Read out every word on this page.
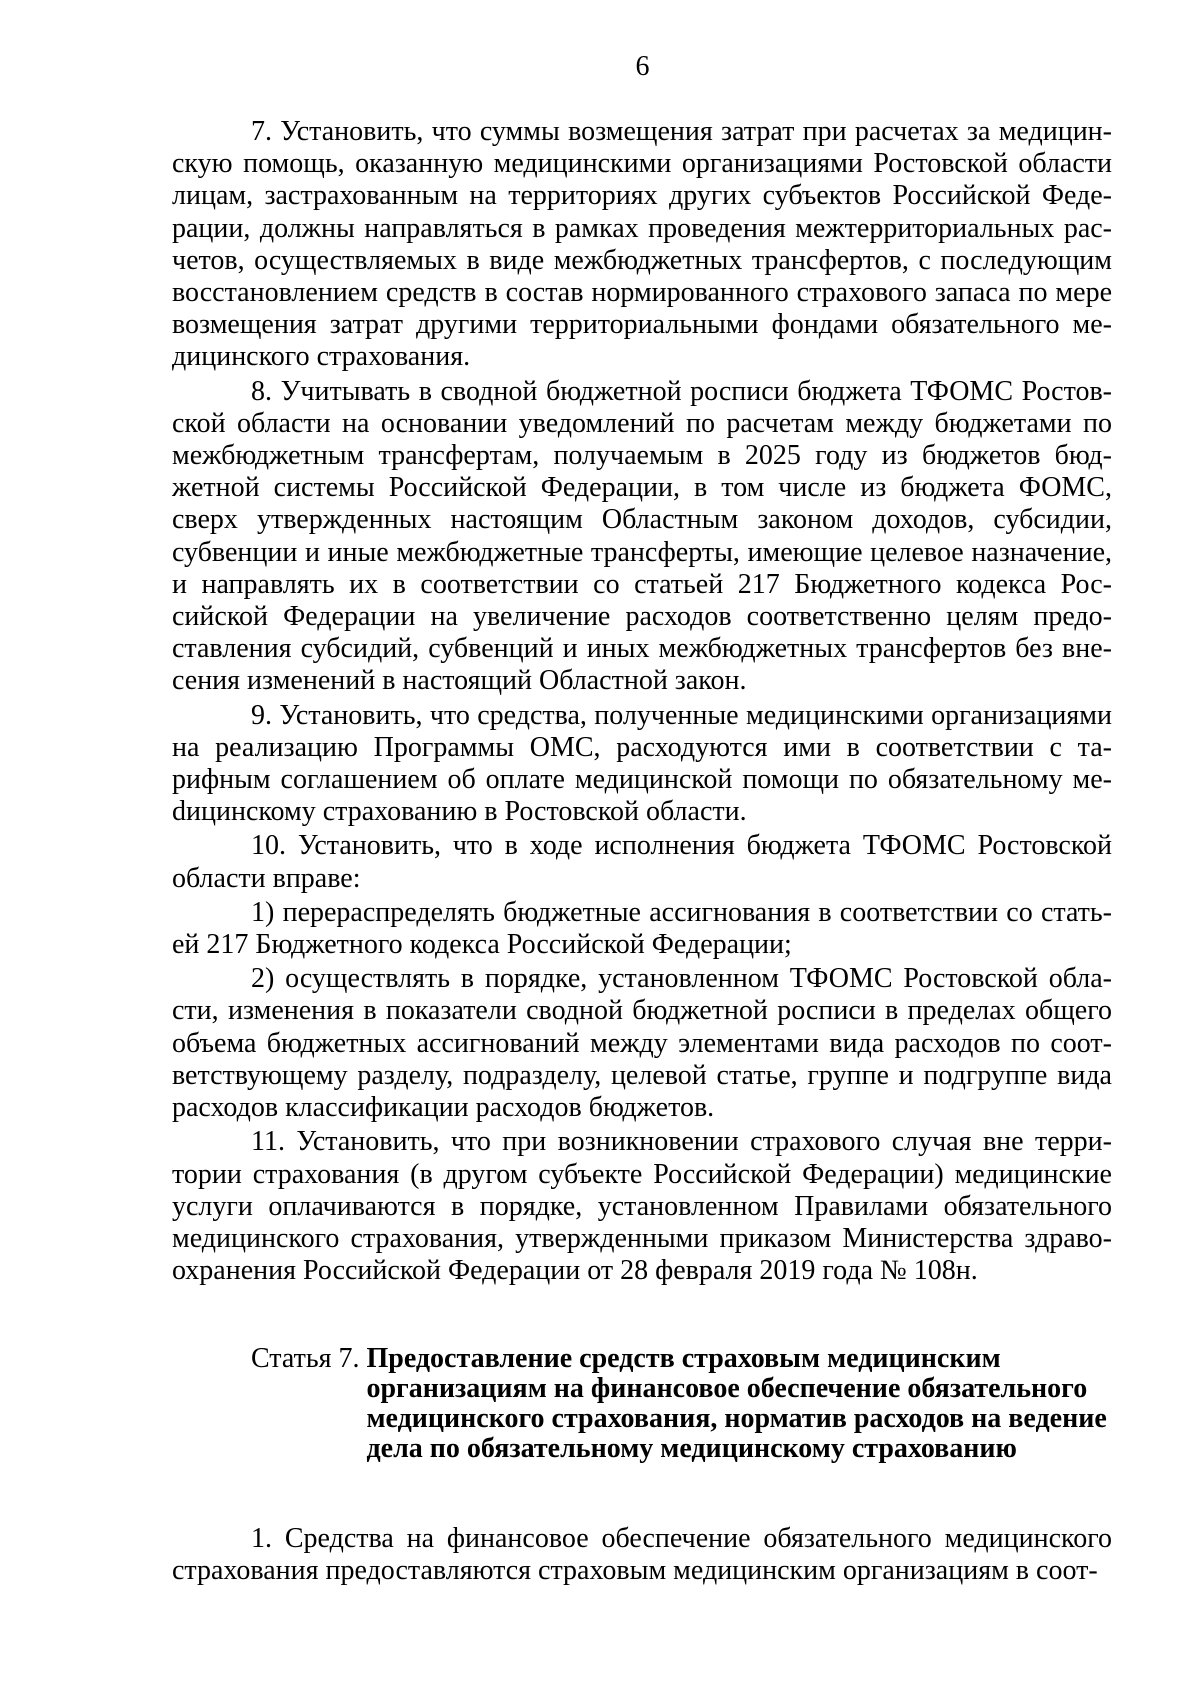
6

7. Установить, что суммы возмещения затрат при расчетах за медицинскую помощь, оказанную медицинскими организациями Ростовской области лицам, застрахованным на территориях других субъектов Российской Федерации, должны направляться в рамках проведения межтерриториальных расчетов, осуществляемых в виде межбюджетных трансфертов, с последующим восстановлением средств в состав нормированного страхового запаса по мере возмещения затрат другими территориальными фондами обязательного медицинского страхования.

8. Учитывать в сводной бюджетной росписи бюджета ТФОМС Ростовской области на основании уведомлений по расчетам между бюджетами по межбюджетным трансфертам, получаемым в 2025 году из бюджетов бюджетной системы Российской Федерации, в том числе из бюджета ФОМС, сверх утвержденных настоящим Областным законом доходов, субсидии, субвенции и иные межбюджетные трансферты, имеющие целевое назначение, и направлять их в соответствии со статьей 217 Бюджетного кодекса Российской Федерации на увеличение расходов соответственно целям предоставления субсидий, субвенций и иных межбюджетных трансфертов без внесения изменений в настоящий Областной закон.

9. Установить, что средства, полученные медицинскими организациями на реализацию Программы ОМС, расходуются ими в соответствии с тарифным соглашением об оплате медицинской помощи по обязательному меdицинскому страхованию в Ростовской области.

10. Установить, что в ходе исполнения бюджета ТФОМС Ростовской области вправе:

1) перераспределять бюджетные ассигнования в соответствии со статьей 217 Бюджетного кодекса Российской Федерации;

2) осуществлять в порядке, установленном ТФОМС Ростовской области, изменения в показатели сводной бюджетной росписи в пределах общего объема бюджетных ассигнований между элементами вида расходов по соответствующему разделу, подразделу, целевой статье, группе и подгруппе вида расходов классификации расходов бюджетов.

11. Установить, что при возникновении страхового случая вне территории страхования (в другом субъекте Российской Федерации) медицинские услуги оплачиваются в порядке, установленном Правилами обязательного медицинского страхования, утвержденными приказом Министерства здравоохранения Российской Федерации от 28 февраля 2019 года № 108н.

Статья 7. Предоставление средств страховым медицинским организациям на финансовое обеспечение обязательного медицинского страхования, норматив расходов на ведение дела по обязательному медицинскому страхованию

1. Средства на финансовое обеспечение обязательного медицинского страхования предоставляются страховым медицинским организациям в соот-
